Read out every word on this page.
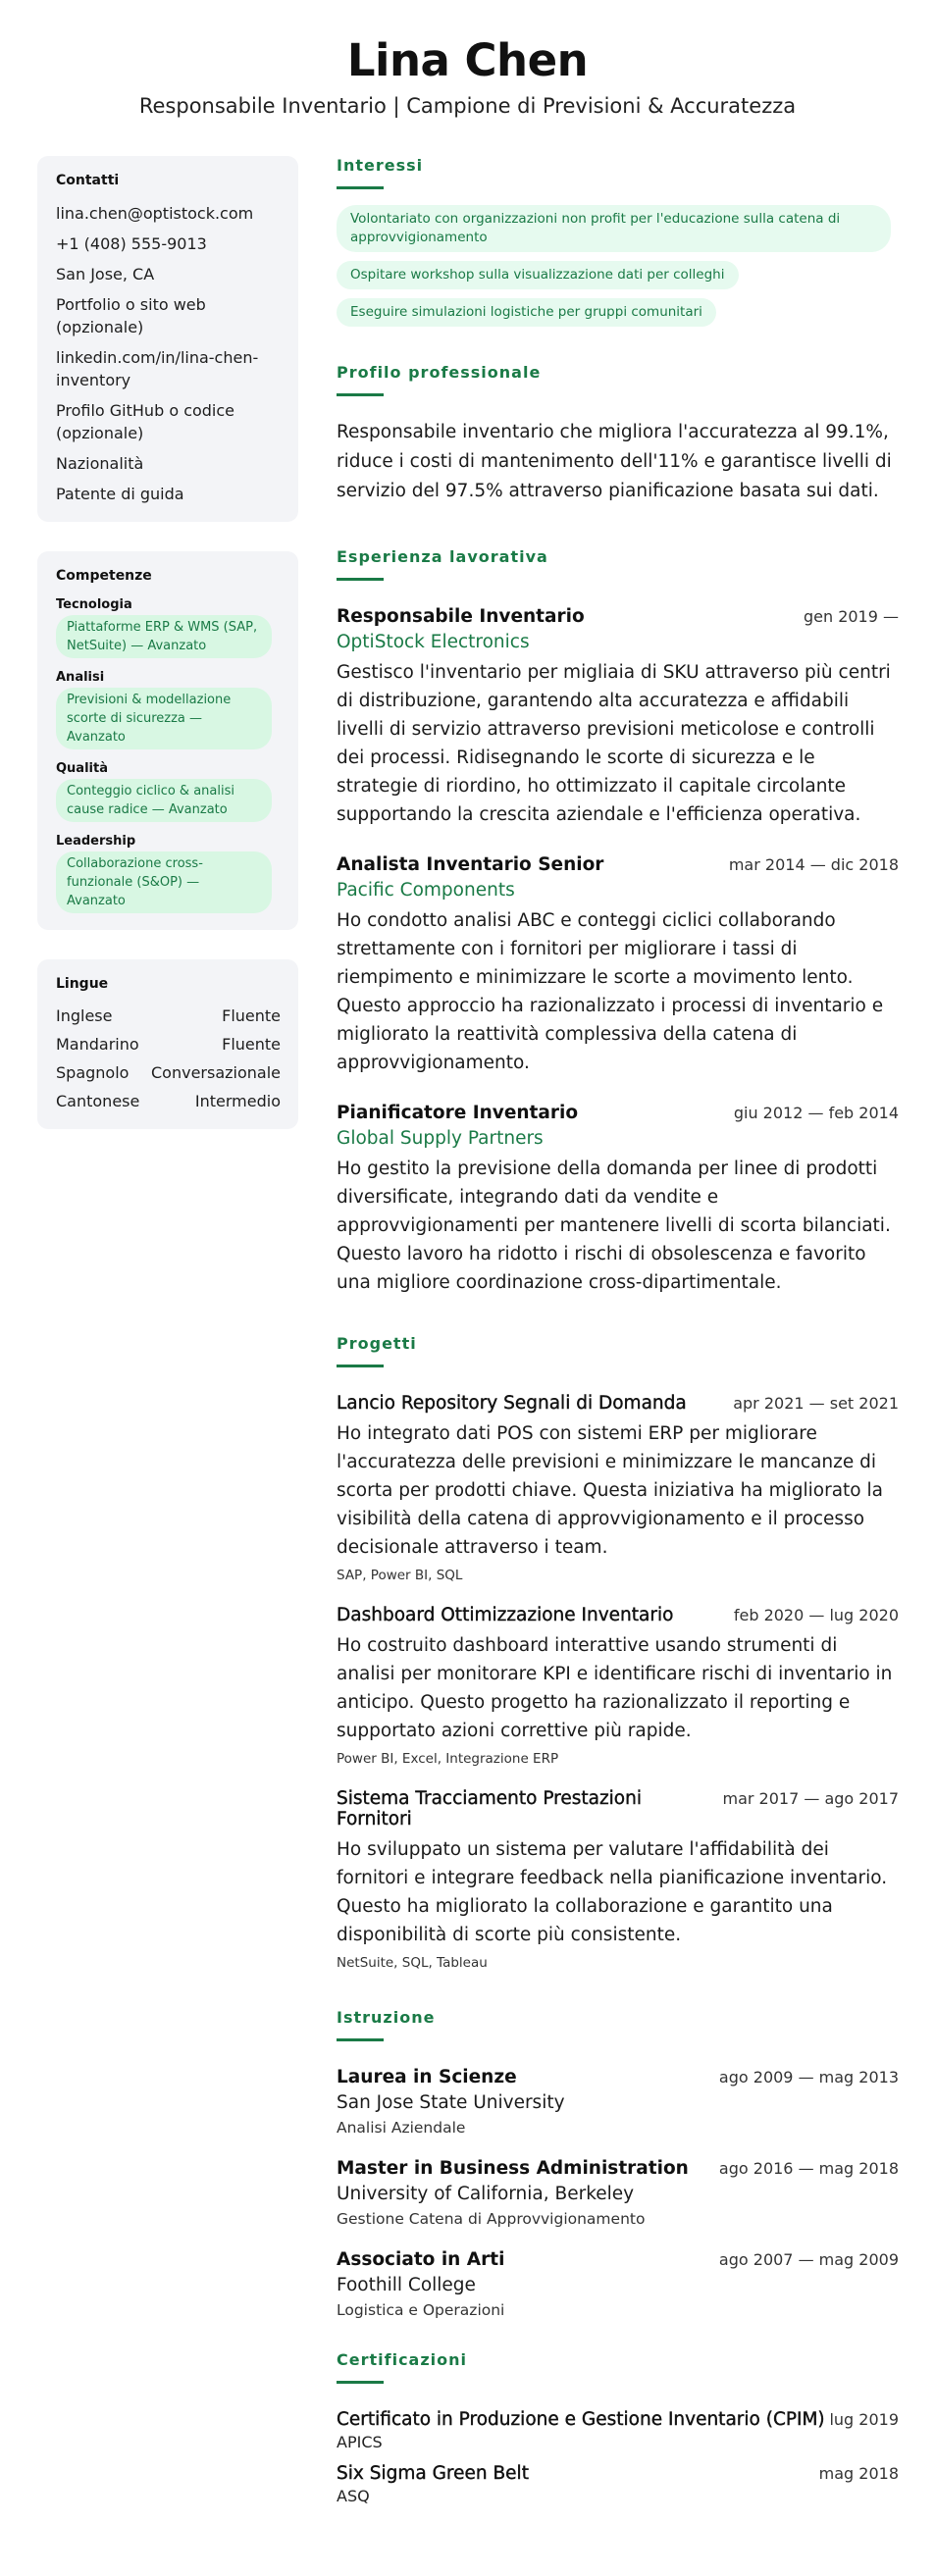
Lina Chen
Responsabile Inventario | Campione di Previsioni & Accuratezza
Contatti
lina.chen@optistock.com
+1 (408) 555-9013
San Jose, CA
Portfolio o sito web (opzionale)
linkedin.com/in/lina-chen-inventory
Profilo GitHub o codice (opzionale)
Nazionalità
Patente di guida
Competenze
Tecnologia
Piattaforme ERP & WMS (SAP, NetSuite) — Avanzato
Analisi
Previsioni & modellazione scorte di sicurezza — Avanzato
Qualità
Conteggio ciclico & analisi cause radice — Avanzato
Leadership
Collaborazione cross-funzionale (S&OP) — Avanzato
Lingue
Inglese	Fluente
Mandarino	Fluente
Spagnolo Conversazionale
Cantonese	Intermedio
Interessi
Volontariato con organizzazioni non profit per l'educazione sulla catena di approvvigionamento
Ospitare workshop sulla visualizzazione dati per colleghi
Eseguire simulazioni logistiche per gruppi comunitari
Profilo professionale

Responsabile inventario che migliora l'accuratezza al 99.1%, riduce i costi di mantenimento dell'11% e garantisce livelli di servizio del 97.5% attraverso pianificazione basata sui dati.

Esperienza lavorativa
Responsabile Inventario	gen 2019 —
OptiStock Electronics

Gestisco l'inventario per migliaia di SKU attraverso più centri di distribuzione, garantendo alta accuratezza e affidabili livelli di servizio attraverso previsioni meticolose e controlli dei processi. Ridisegnando le scorte di sicurezza e le strategie di riordino, ho ottimizzato il capitale circolante supportando la crescita aziendale e l'efficienza operativa.

Analista Inventario Senior	mar 2014 — dic 2018
Pacific Components

Ho condotto analisi ABC e conteggi ciclici collaborando strettamente con i fornitori per migliorare i tassi di riempimento e minimizzare le scorte a movimento lento. Questo approccio ha razionalizzato i processi di inventario e migliorato la reattività complessiva della catena di approvvigionamento.

Pianificatore Inventario	giu 2012 — feb 2014
Global Supply Partners

Ho gestito la previsione della domanda per linee di prodotti diversificate, integrando dati da vendite e approvvigionamenti per mantenere livelli di scorta bilanciati. Questo lavoro ha ridotto i rischi di obsolescenza e favorito una migliore coordinazione cross-dipartimentale.

Progetti
Lancio Repository Segnali di Domanda	apr 2021 — set 2021

Ho integrato dati POS con sistemi ERP per migliorare l'accuratezza delle previsioni e minimizzare le mancanze di scorta per prodotti chiave. Questa iniziativa ha migliorato la visibilità della catena di approvvigionamento e il processo decisionale attraverso i team.

SAP, Power BI, SQL
Dashboard Ottimizzazione Inventario	feb 2020 — lug 2020

Ho costruito dashboard interattive usando strumenti di analisi per monitorare KPI e identificare rischi di inventario in anticipo. Questo progetto ha razionalizzato il reporting e supportato azioni correttive più rapide.

Power BI, Excel, Integrazione ERP
Sistema Tracciamento Prestazioni Fornitori
mar 2017 — ago 2017

Ho sviluppato un sistema per valutare l'affidabilità dei fornitori e integrare feedback nella pianificazione inventario. Questo ha migliorato la collaborazione e garantito una disponibilità di scorte più consistente.

NetSuite, SQL, Tableau
Istruzione
Laurea in Scienze	ago 2009 — mag 2013
San Jose State University
Analisi Aziendale
Master in Business Administration ago 2016 — mag 2018
University of California, Berkeley
Gestione Catena di Approvvigionamento
Associato in Arti	ago 2007 — mag 2009
Foothill College
Logistica e Operazioni
Certificazioni
Certificato in Produzione e Gestione Inventario (CPIM) lug 2019
APICS
Six Sigma Green Belt	mag 2018
ASQ
